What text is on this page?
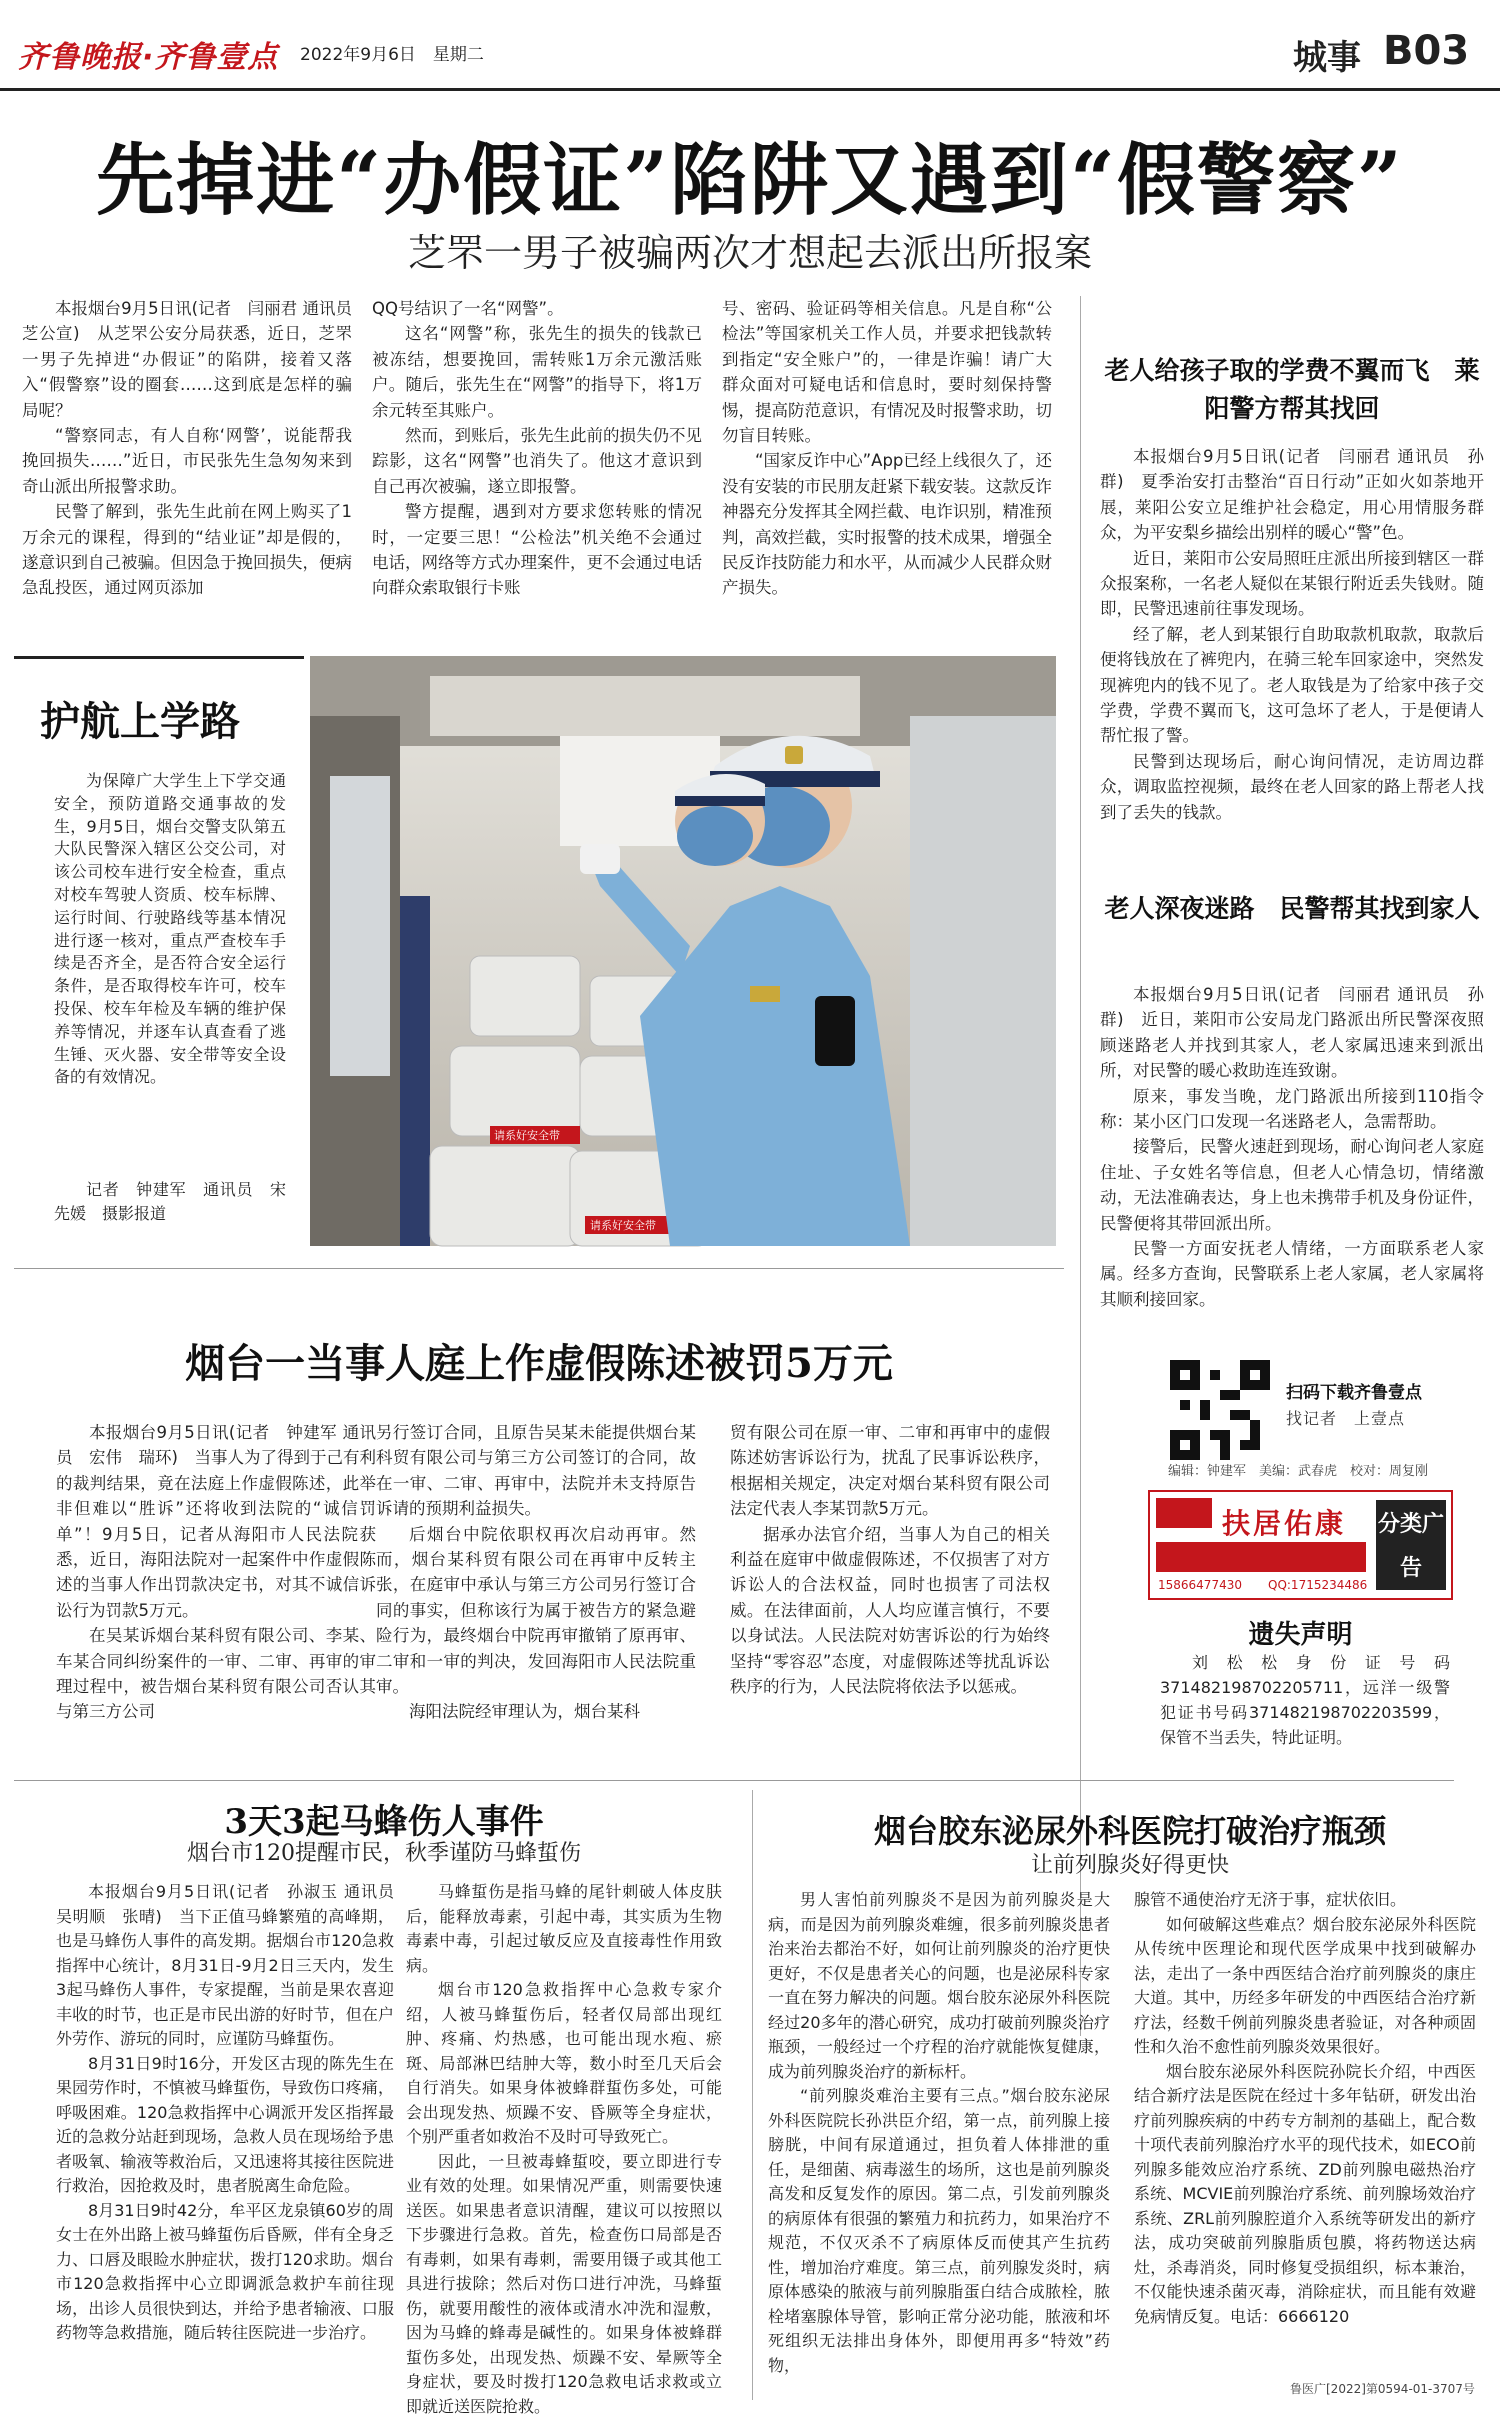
齐鲁晚报·齐鲁壹点 2022年9月6日　 星期二	城事 B03
先掉进“办假证”陷阱又遇到“假警察”
芝罘一男子被骗两次才想起去派出所报案

本报烟台9月5日讯(记者　闫丽君 通讯员　芝公宣)　从芝罘公安分局获悉，近日，芝罘一男子先掉进“办假证”的陷阱，接着又落入“假警察”设的圈套……这到底是怎样的骗局呢？

“警察同志，有人自称‘网警’，说能帮我挽回损失……”近日，市民张先生急匆匆来到奇山派出所报警求助。

民警了解到，张先生此前在网上购买了1万余元的课程，得到的“结业证”却是假的，遂意识到自己被骗。但因急于挽回损失，便病急乱投医，通过网页添加

QQ号结识了一名“网警”。

这名“网警”称，张先生的损失的钱款已被冻结，想要挽回，需转账1万余元激活账户。随后，张先生在“网警”的指导下，将1万余元转至其账户。

然而，到账后，张先生此前的损失仍不见踪影，这名“网警”也消失了。他这才意识到自己再次被骗，遂立即报警。

警方提醒，遇到对方要求您转账的情况时，一定要三思！“公检法”机关绝不会通过电话，网络等方式办理案件，更不会通过电话向群众索取银行卡账

号、密码、验证码等相关信息。凡是自称“公检法”等国家机关工作人员，并要求把钱款转到指定“安全账户”的，一律是诈骗！请广大群众面对可疑电话和信息时，要时刻保持警惕，提高防范意识，有情况及时报警求助，切勿盲目转账。

“国家反诈中心”App已经上线很久了，还没有安装的市民朋友赶紧下载安装。这款反诈神器充分发挥其全网拦截、电诈识别，精准预判，高效拦截，实时报警的技术成果，增强全民反诈技防能力和水平，从而减少人民群众财产损失。

护航上学路

为保障广大学生上下学交通安全，预防道路交通事故的发生，9月5日，烟台交警支队第五大队民警深入辖区公交公司，对该公司校车进行安全检查，重点对校车驾驶人资质、校车标牌、运行时间、行驶路线等基本情况进行逐一核对，重点严查校车手续是否齐全，是否符合安全运行条件，是否取得校车许可，校车投保、校车年检及车辆的维护保养等情况，并逐车认真查看了逃生锤、灭火器、安全带等安全设备的有效情况。

记者　钟建军　通讯员　宋先媛　摄影报道

请系好安全带
请系好安全带
老人给孩子取的学费不翼而飞　莱阳警方帮其找回

本报烟台9月5日讯(记者　闫丽君 通讯员　孙群)　夏季治安打击整治“百日行动”正如火如荼地开展，莱阳公安立足维护社会稳定，用心用情服务群众，为平安梨乡描绘出别样的暖心“警”色。

近日，莱阳市公安局照旺庄派出所接到辖区一群众报案称，一名老人疑似在某银行附近丢失钱财。随即，民警迅速前往事发现场。

经了解，老人到某银行自助取款机取款，取款后便将钱放在了裤兜内，在骑三轮车回家途中，突然发现裤兜内的钱不见了。老人取钱是为了给家中孩子交学费，学费不翼而飞，这可急坏了老人，于是便请人帮忙报了警。

民警到达现场后，耐心询问情况，走访周边群众，调取监控视频，最终在老人回家的路上帮老人找到了丢失的钱款。

老人深夜迷路　民警帮其找到家人

本报烟台9月5日讯(记者　闫丽君 通讯员　孙群)　近日，莱阳市公安局龙门路派出所民警深夜照顾迷路老人并找到其家人，老人家属迅速来到派出所，对民警的暖心救助连连致谢。

原来，事发当晚，龙门路派出所接到110指令称：某小区门口发现一名迷路老人，急需帮助。

接警后，民警火速赶到现场，耐心询问老人家庭住址、子女姓名等信息，但老人心情急切，情绪激动，无法准确表达，身上也未携带手机及身份证件，民警便将其带回派出所。

民警一方面安抚老人情绪，一方面联系老人家属。经多方查询，民警联系上老人家属，老人家属将其顺利接回家。

扫码下载齐鲁壹点
找记者　上壹点
编辑：钟建军　美编：武春虎　校对：周复刚
扶居佑康
15866477430 QQ:1715234486
分类广告
遗失声明

刘松松身份证号码371482198702205711，远洋一级警犯证书号码371482198702203599，保管不当丢失，特此证明。

烟台一当事人庭上作虚假陈述被罚5万元

本报烟台9月5日讯(记者　钟建军 通讯员　宏伟　瑞环)　当事人为了得到于己有利的裁判结果，竟在法庭上作虚假陈述，此举非但难以“胜诉”还将收到法院的“诚信罚单”！9月5日，记者从海阳市人民法院获悉，近日，海阳法院对一起案件中作虚假陈述的当事人作出罚款决定书，对其不诚信诉讼行为罚款5万元。

在吴某诉烟台某科贸有限公司、李某、车某合同纠纷案件的一审、二审、再审的审理过程中，被告烟台某科贸有限公司否认其与第三方公司

另行签订合同，且原告吴某未能提供烟台某科贸有限公司与第三方公司签订的合同，故在一审、二审、再审中，法院并未支持原告诉请的预期利益损失。

后烟台中院依职权再次启动再审。然而，烟台某科贸有限公司在再审中反转主张，在庭审中承认与第三方公司另行签订合同的事实，但称该行为属于被告方的紧急避险行为，最终烟台中院再审撤销了原再审、二审和一审的判决，发回海阳市人民法院重审。

海阳法院经审理认为，烟台某科

贸有限公司在原一审、二审和再审中的虚假陈述妨害诉讼行为，扰乱了民事诉讼秩序，根据相关规定，决定对烟台某科贸有限公司法定代表人李某罚款5万元。

据承办法官介绍，当事人为自己的相关利益在庭审中做虚假陈述，不仅损害了对方诉讼人的合法权益，同时也损害了司法权威。在法律面前，人人均应谨言慎行，不要以身试法。人民法院对妨害诉讼的行为始终坚持“零容忍”态度，对虚假陈述等扰乱诉讼秩序的行为，人民法院将依法予以惩戒。

3天3起马蜂伤人事件
烟台市120提醒市民，秋季谨防马蜂蜇伤

本报烟台9月5日讯(记者　孙淑玉 通讯员　吴明顺　张晴)　当下正值马蜂繁殖的高峰期，也是马蜂伤人事件的高发期。据烟台市120急救指挥中心统计，8月31日-9月2日三天内，发生3起马蜂伤人事件，专家提醒，当前是果农喜迎丰收的时节，也正是市民出游的好时节，但在户外劳作、游玩的同时，应谨防马蜂蜇伤。

8月31日9时16分，开发区古现的陈先生在果园劳作时，不慎被马蜂蜇伤，导致伤口疼痛，呼吸困难。120急救指挥中心调派开发区指挥最近的急救分站赶到现场，急救人员在现场给予患者吸氧、输液等救治后，又迅速将其接往医院进行救治，因抢救及时，患者脱离生命危险。

8月31日9时42分，牟平区龙泉镇60岁的周女士在外出路上被马蜂蜇伤后昏厥，伴有全身乏力、口唇及眼睑水肿症状，拨打120求助。烟台市120急救指挥中心立即调派急救护车前往现场，出诊人员很快到达，并给予患者输液、口服药物等急救措施，随后转往医院进一步治疗。

马蜂蜇伤是指马蜂的尾针刺破人体皮肤后，能释放毒素，引起中毒，其实质为生物毒素中毒，引起过敏反应及直接毒性作用致病。

烟台市120急救指挥中心急救专家介绍，人被马蜂蜇伤后，轻者仅局部出现红肿、疼痛、灼热感，也可能出现水疱、瘀斑、局部淋巴结肿大等，数小时至几天后会自行消失。如果身体被蜂群蜇伤多处，可能会出现发热、烦躁不安、昏厥等全身症状，个别严重者如救治不及时可导致死亡。

因此，一旦被毒蜂蜇咬，要立即进行专业有效的处理。如果情况严重，则需要快速送医。如果患者意识清醒，建议可以按照以下步骤进行急救。首先，检查伤口局部是否有毒刺，如果有毒刺，需要用镊子或其他工具进行拔除；然后对伤口进行冲洗，马蜂蜇伤，就要用酸性的液体或清水冲洗和湿敷，因为马蜂的蜂毒是碱性的。如果身体被蜂群蜇伤多处，出现发热、烦躁不安、晕厥等全身症状，要及时拨打120急救电话求救或立即就近送医院抢救。

烟台胶东泌尿外科医院打破治疗瓶颈
让前列腺炎好得更快

男人害怕前列腺炎不是因为前列腺炎是大病，而是因为前列腺炎难缠，很多前列腺炎患者治来治去都治不好，如何让前列腺炎的治疗更快更好，不仅是患者关心的问题，也是泌尿科专家一直在努力解决的问题。烟台胶东泌尿外科医院经过20多年的潜心研究，成功打破前列腺炎治疗瓶颈，一般经过一个疗程的治疗就能恢复健康，成为前列腺炎治疗的新标杆。

“前列腺炎难治主要有三点。”烟台胶东泌尿外科医院院长孙洪臣介绍，第一点，前列腺上接膀胱，中间有尿道通过，担负着人体排泄的重任，是细菌、病毒滋生的场所，这也是前列腺炎高发和反复发作的原因。第二点，引发前列腺炎的病原体有很强的繁殖力和抗药力，如果治疗不规范，不仅灭杀不了病原体反而使其产生抗药性，增加治疗难度。第三点，前列腺发炎时，病原体感染的脓液与前列腺脂蛋白结合成脓栓，脓栓堵塞腺体导管，影响正常分泌功能，脓液和坏死组织无法排出身体外，即便用再多“特效”药物，

腺管不通使治疗无济于事，症状依旧。

如何破解这些难点？烟台胶东泌尿外科医院从传统中医理论和现代医学成果中找到破解办法，走出了一条中西医结合治疗前列腺炎的康庄大道。其中，历经多年研发的中西医结合治疗新疗法，经数千例前列腺炎患者验证，对各种顽固性和久治不愈性前列腺炎效果很好。

烟台胶东泌尿外科医院孙院长介绍，中西医结合新疗法是医院在经过十多年钻研，研发出治疗前列腺疾病的中药专方制剂的基础上，配合数十项代表前列腺治疗水平的现代技术，如ECO前列腺多能效应治疗系统、ZD前列腺电磁热治疗系统、MCVIE前列腺治疗系统、前列腺场效治疗系统、ZRL前列腺腔道介入系统等研发出的新疗法，成功突破前列腺脂质包膜，将药物送达病灶，杀毒消炎，同时修复受损组织，标本兼治，不仅能快速杀菌灭毒，消除症状，而且能有效避免病情反复。电话：6666120

鲁医广[2022]第0594-01-3707号
